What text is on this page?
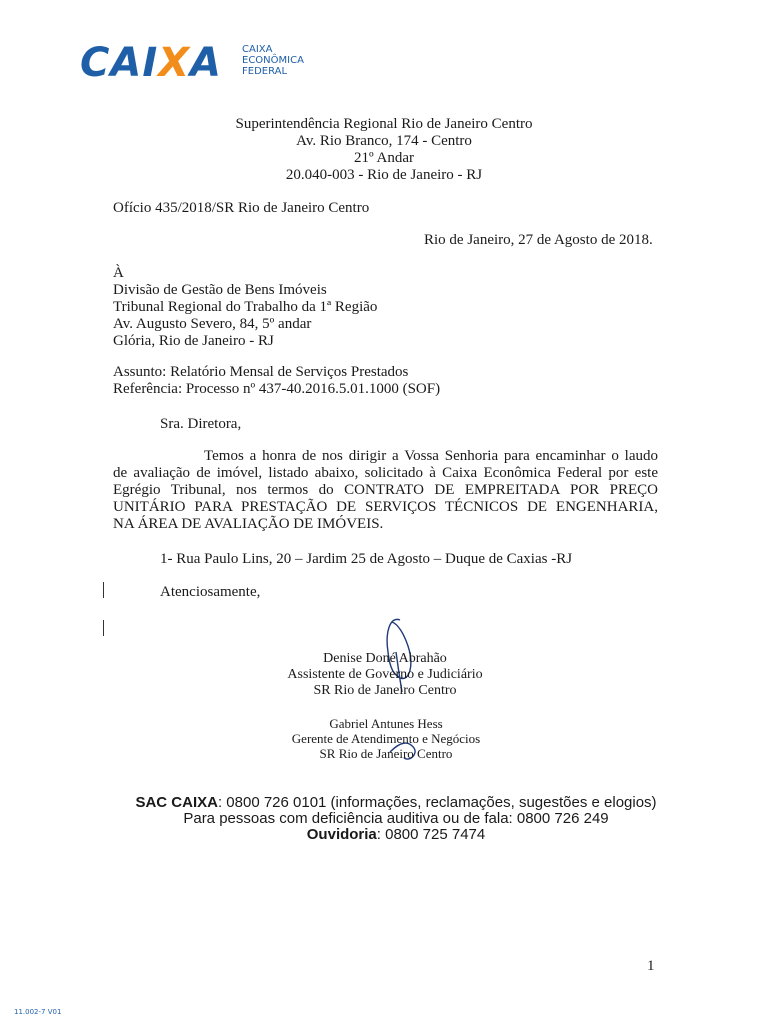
CAIXA CAIXA
ECONÔMICA
FEDERAL
Superintendência Regional Rio de Janeiro Centro
Av. Rio Branco, 174 - Centro
21º Andar
20.040-003 - Rio de Janeiro - RJ
Ofício 435/2018/SR Rio de Janeiro Centro
Rio de Janeiro, 27 de Agosto de 2018.
À
Divisão de Gestão de Bens Imóveis
Tribunal Regional do Trabalho da 1ª Região
Av. Augusto Severo, 84, 5º andar
Glória, Rio de Janeiro - RJ
Assunto: Relatório Mensal de Serviços Prestados
Referência: Processo nº 437-40.2016.5.01.1000 (SOF)
Sra. Diretora,
Temos a honra de nos dirigir a Vossa Senhoria para encaminhar o laudo
de avaliação de imóvel, listado abaixo, solicitado à Caixa Econômica Federal por este
Egrégio Tribunal, nos termos do CONTRATO DE EMPREITADA POR PREÇO
UNITÁRIO PARA PRESTAÇÃO DE SERVIÇOS TÉCNICOS DE ENGENHARIA,
NA ÁREA DE AVALIAÇÃO DE IMÓVEIS.
1- Rua Paulo Lins, 20 – Jardim 25 de Agosto – Duque de Caxias -RJ
Atenciosamente,
Denise Doné Abrahão
Assistente de Governo e Judiciário
SR Rio de Janeiro Centro
Gabriel Antunes Hess
Gerente de Atendimento e Negócios
SR Rio de Janeiro Centro
SAC CAIXA: 0800 726 0101 (informações, reclamações, sugestões e elogios)
Para pessoas com deficiência auditiva ou de fala: 0800 726 249
Ouvidoria: 0800 725 7474
1
11.002-7 V01
